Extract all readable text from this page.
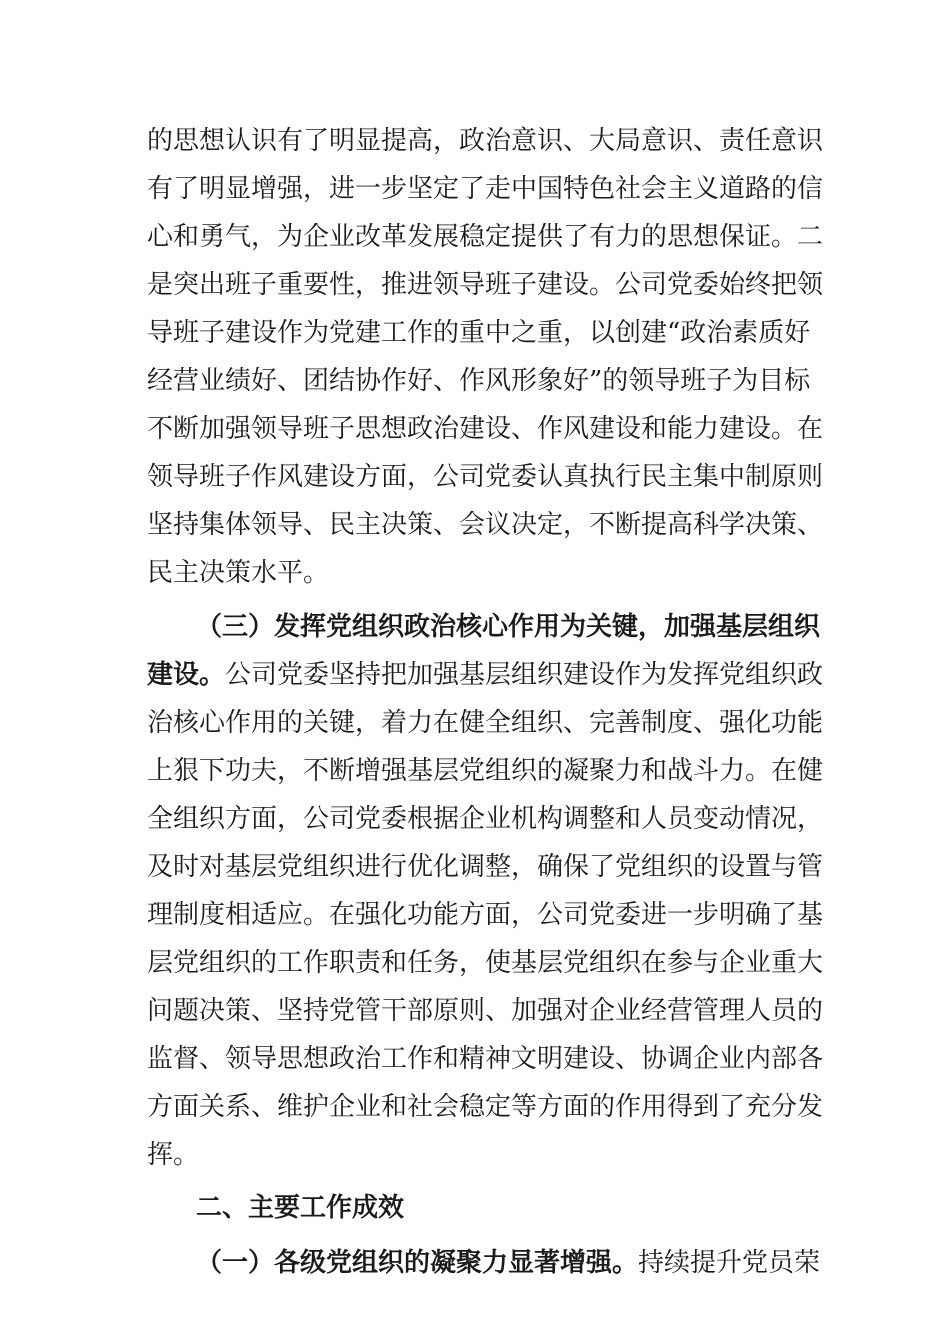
的思想认识有了明显提高，政治意识、大局意识、责任意识
有了明显增强，进一步坚定了走中国特色社会主义道路的信
心和勇气，为企业改革发展稳定提供了有力的思想保证。二
是突出班子重要性，推进领导班子建设。公司党委始终把领
导班子建设作为党建工作的重中之重，以创建“政治素质好
经营业绩好、团结协作好、作风形象好”的领导班子为目标
不断加强领导班子思想政治建设、作风建设和能力建设。在
领导班子作风建设方面，公司党委认真执行民主集中制原则
坚持集体领导、民主决策、会议决定，不断提高科学决策、
民主决策水平。
（三）发挥党组织政治核心作用为关键，加强基层组织
建设。公司党委坚持把加强基层组织建设作为发挥党组织政
治核心作用的关键，着力在健全组织、完善制度、强化功能
上狠下功夫，不断增强基层党组织的凝聚力和战斗力。在健
全组织方面，公司党委根据企业机构调整和人员变动情况，
及时对基层党组织进行优化调整，确保了党组织的设置与管
理制度相适应。在强化功能方面，公司党委进一步明确了基
层党组织的工作职责和任务，使基层党组织在参与企业重大
问题决策、坚持党管干部原则、加强对企业经营管理人员的
监督、领导思想政治工作和精神文明建设、协调企业内部各
方面关系、维护企业和社会稳定等方面的作用得到了充分发
挥。
二、主要工作成效
（一）各级党组织的凝聚力显著增强。持续提升党员荣
